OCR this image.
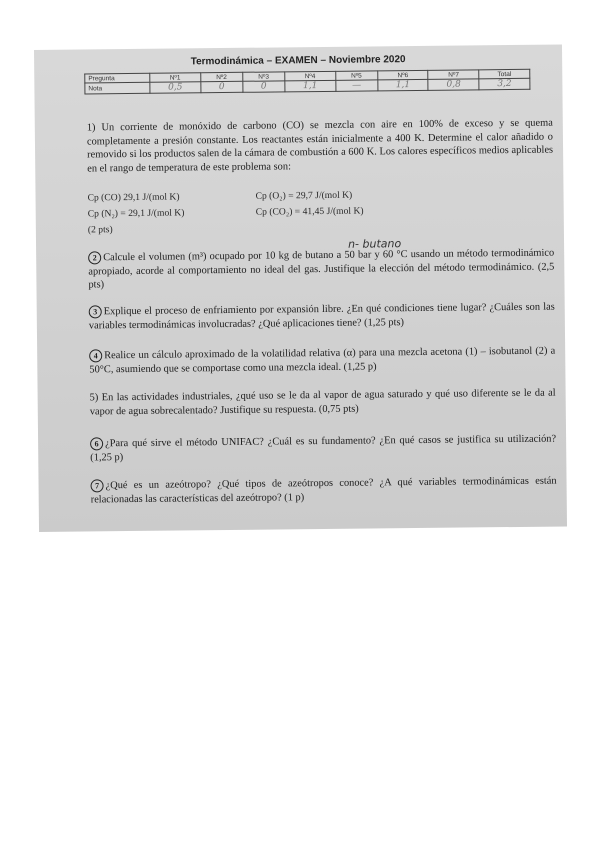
Termodinámica – EXAMEN – Noviembre 2020
Pregunta	Nº1	Nº2	Nº3	Nº4	Nº5	Nº6	Nº7	Total
Nota	0,5	0	0	1,1	—	1,1	0,8	3,2
1) Un corriente de monóxido de carbono (CO) se mezcla con aire en 100% de exceso y se quema completamente a presión constante. Los reactantes están inicialmente a 400 K. Determine el calor añadido o removido si los productos salen de la cámara de combustión a 600 K. Los calores específicos medios aplicables en el rango de temperatura de este problema son:
Cp (CO) 29,1 J/(mol K)	Cp (O₂) = 29,7 J/(mol K)
Cp (N₂) = 29,1 J/(mol K)	Cp (CO₂) = 41,45 J/(mol K)
(2 pts)
n- butano
2 Calcule el volumen (m³) ocupado por 10 kg de butano a 50 bar y 60 °C usando un método termodinámico apropiado, acorde al comportamiento no ideal del gas. Justifique la elección del método termodinámico. (2,5 pts)
3 Explique el proceso de enfriamiento por expansión libre. ¿En qué condiciones tiene lugar? ¿Cuáles son las variables termodinámicas involucradas? ¿Qué aplicaciones tiene? (1,25 pts)
4 Realice un cálculo aproximado de la volatilidad relativa (α) para una mezcla acetona (1) – isobutanol (2) a 50°C, asumiendo que se comportase como una mezcla ideal. (1,25 p)
5) En las actividades industriales, ¿qué uso se le da al vapor de agua saturado y qué uso diferente se le da al vapor de agua sobrecalentado? Justifique su respuesta. (0,75 pts)
6 ¿Para qué sirve el método UNIFAC? ¿Cuál es su fundamento? ¿En qué casos se justifica su utilización? (1,25 p)
7 ¿Qué es un azeótropo? ¿Qué tipos de azeótropos conoce? ¿A qué variables termodinámicas están relacionadas las características del azeótropo? (1 p)
